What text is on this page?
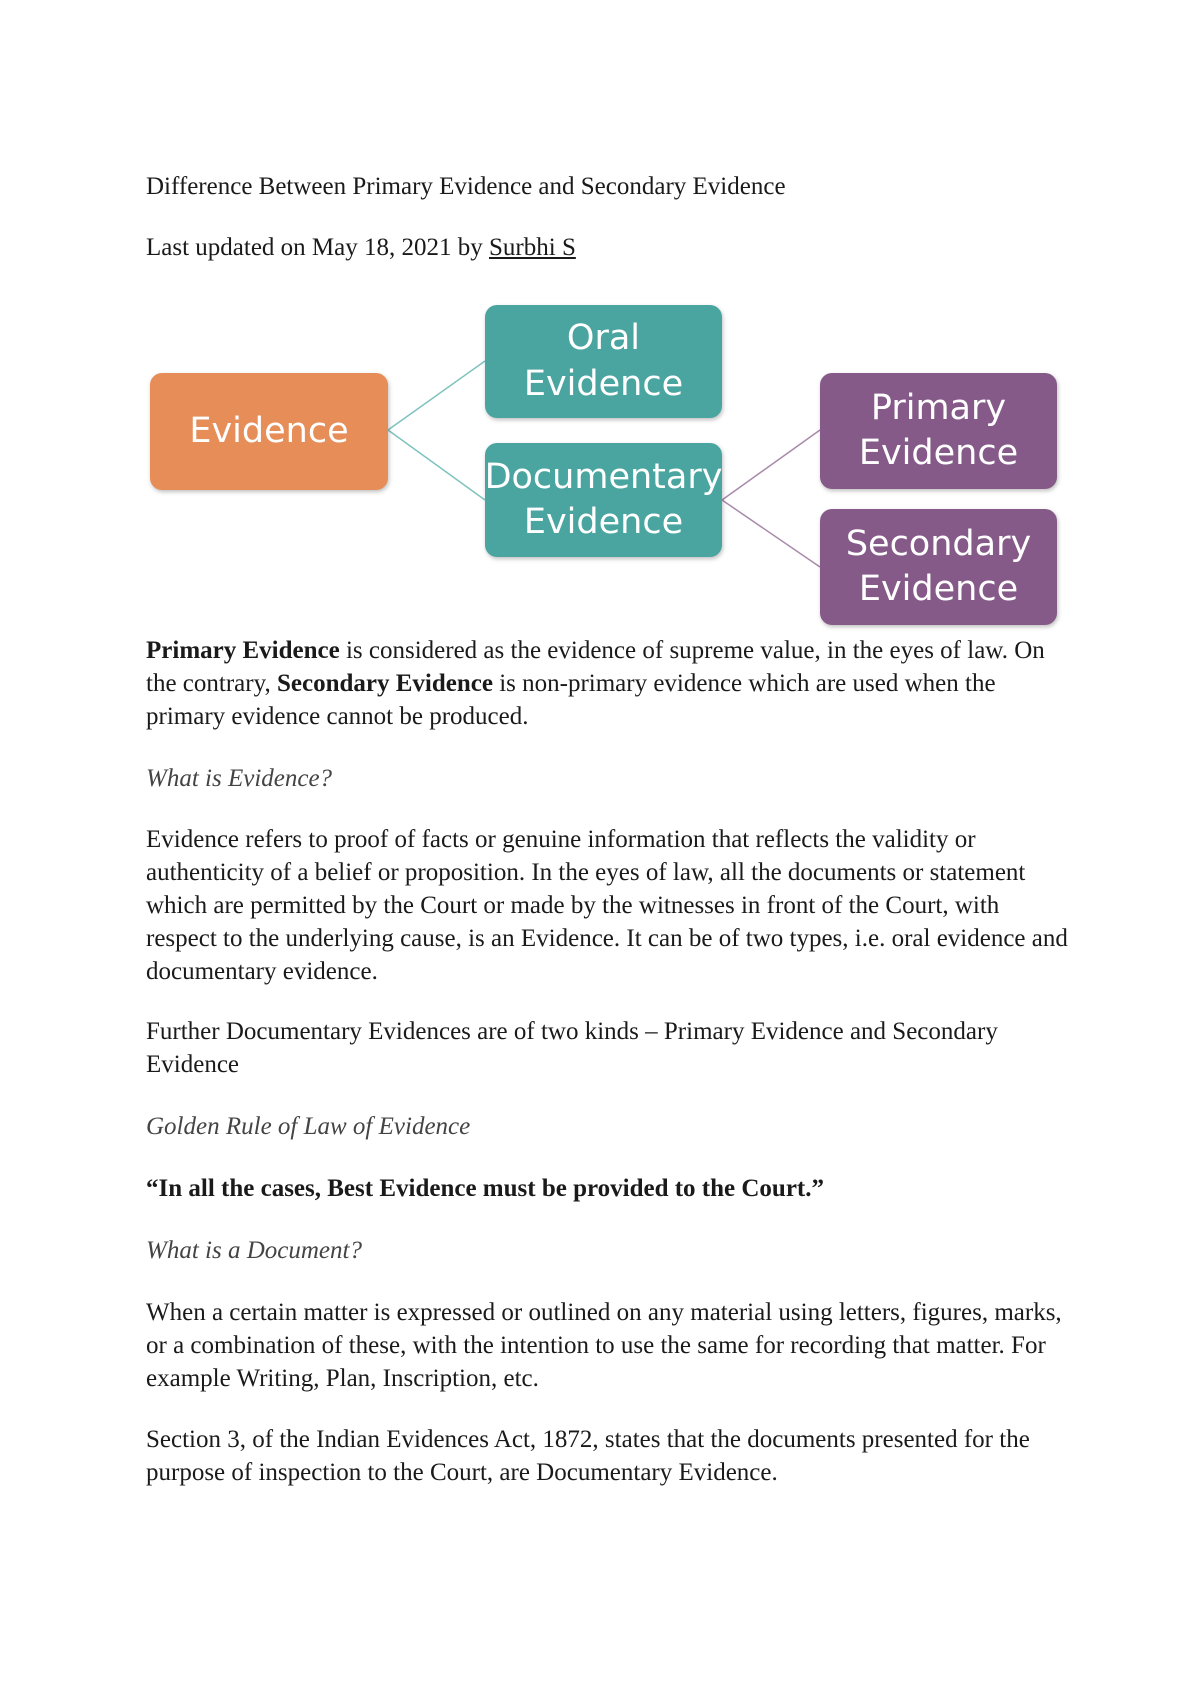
Difference Between Primary Evidence and Secondary Evidence

Last updated on May 18, 2021 by Surbhi S

Evidence
Oral
Evidence
Documentary
Evidence
Primary
Evidence
Secondary
Evidence

Primary Evidence is considered as the evidence of supreme value, in the eyes of law. On the contrary, Secondary Evidence is non-primary evidence which are used when the primary evidence cannot be produced.

What is Evidence?

Evidence refers to proof of facts or genuine information that reflects the validity or authenticity of a belief or proposition. In the eyes of law, all the documents or statement which are permitted by the Court or made by the witnesses in front of the Court, with respect to the underlying cause, is an Evidence. It can be of two types, i.e. oral evidence and documentary evidence.

Further Documentary Evidences are of two kinds – Primary Evidence and Secondary Evidence

Golden Rule of Law of Evidence

“In all the cases, Best Evidence must be provided to the Court.”

What is a Document?

When a certain matter is expressed or outlined on any material using letters, figures, marks, or a combination of these, with the intention to use the same for recording that matter. For example Writing, Plan, Inscription, etc.

Section 3, of the Indian Evidences Act, 1872, states that the documents presented for the purpose of inspection to the Court, are Documentary Evidence.
